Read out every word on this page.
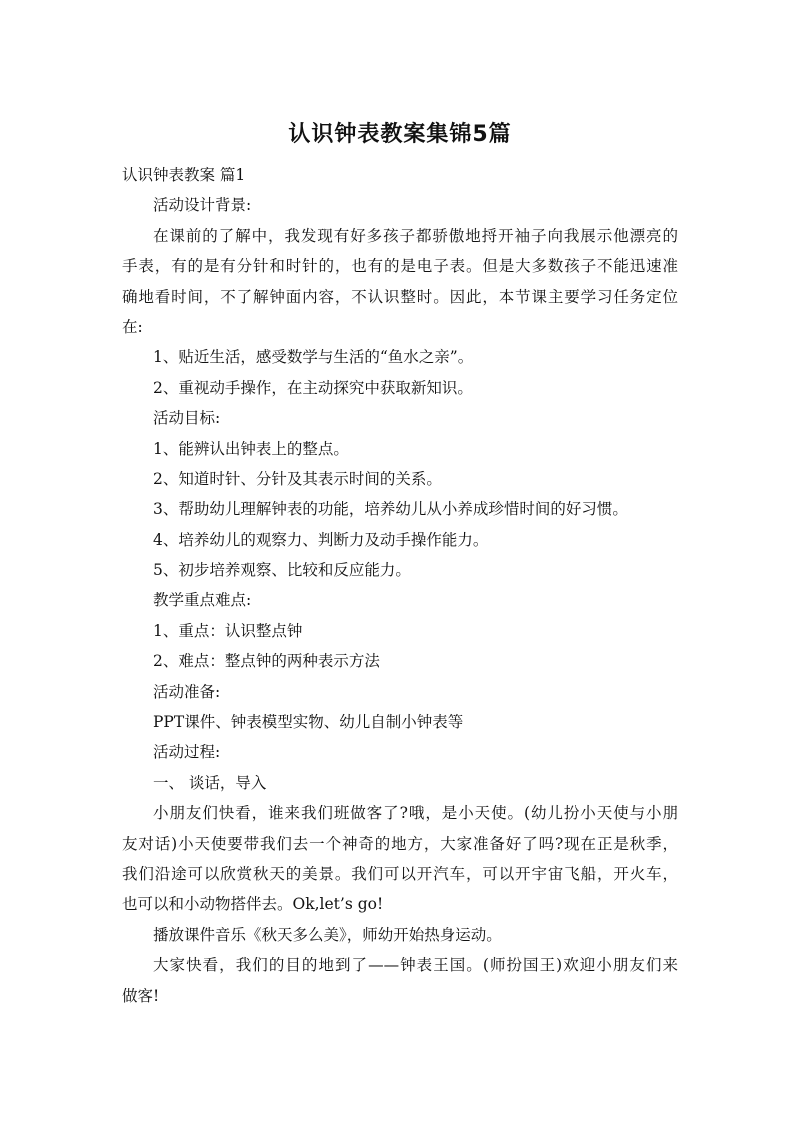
认识钟表教案集锦5篇
认识钟表教案 篇1
活动设计背景:
在课前的了解中，我发现有好多孩子都骄傲地捋开袖子向我展示他漂亮的
手表，有的是有分针和时针的，也有的是电子表。但是大多数孩子不能迅速准
确地看时间，不了解钟面内容，不认识整时。因此，本节课主要学习任务定位
在:
1、贴近生活，感受数学与生活的“鱼水之亲”。
2、重视动手操作，在主动探究中获取新知识。
活动目标:
1、能辨认出钟表上的整点。
2、知道时针、分针及其表示时间的关系。
3、帮助幼儿理解钟表的功能，培养幼儿从小养成珍惜时间的好习惯。
4、培养幼儿的观察力、判断力及动手操作能力。
5、初步培养观察、比较和反应能力。
教学重点难点:
1、重点：认识整点钟
2、难点：整点钟的两种表示方法
活动准备:
PPT课件、钟表模型实物、幼儿自制小钟表等
活动过程:
一、 谈话，导入
小朋友们快看，谁来我们班做客了?哦，是小天使。(幼儿扮小天使与小朋
友对话)小天使要带我们去一个神奇的地方，大家准备好了吗?现在正是秋季，
我们沿途可以欣赏秋天的美景。我们可以开汽车，可以开宇宙飞船，开火车，
也可以和小动物搭伴去。Ok,let’s go!
播放课件音乐《秋天多么美》，师幼开始热身运动。
大家快看，我们的目的地到了——钟表王国。(师扮国王)欢迎小朋友们来
做客!
